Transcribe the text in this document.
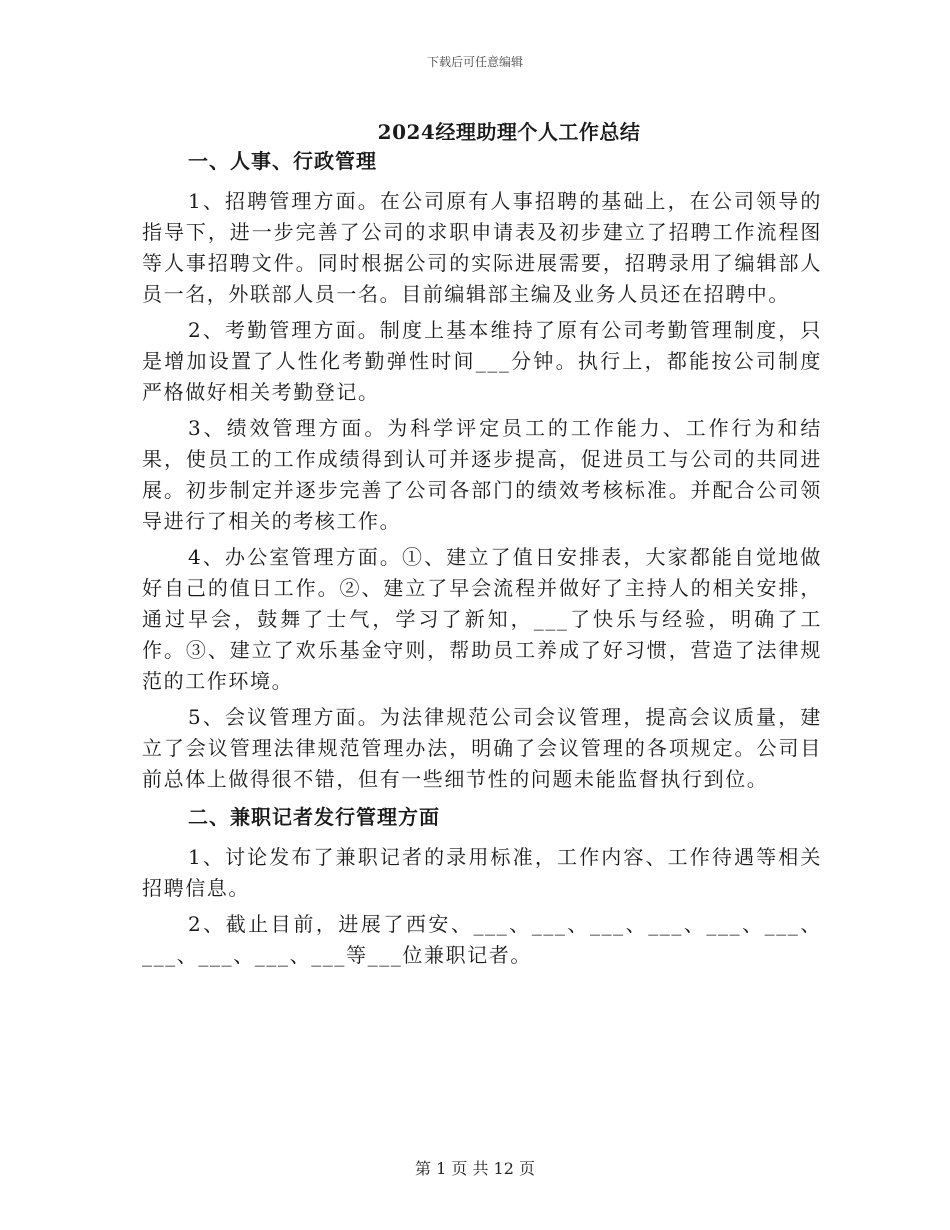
下载后可任意编辑
2024经理助理个人工作总结
一、人事、行政管理

1、招聘管理方面。在公司原有人事招聘的基础上，在公司领导的指导下，进一步完善了公司的求职申请表及初步建立了招聘工作流程图等人事招聘文件。同时根据公司的实际进展需要，招聘录用了编辑部人员一名，外联部人员一名。目前编辑部主编及业务人员还在招聘中。

2、考勤管理方面。制度上基本维持了原有公司考勤管理制度，只是增加设置了人性化考勤弹性时间___分钟。执行上，都能按公司制度严格做好相关考勤登记。

3、绩效管理方面。为科学评定员工的工作能力、工作行为和结果，使员工的工作成绩得到认可并逐步提高，促进员工与公司的共同进展。初步制定并逐步完善了公司各部门的绩效考核标准。并配合公司领导进行了相关的考核工作。

4、办公室管理方面。①、建立了值日安排表，大家都能自觉地做好自己的值日工作。②、建立了早会流程并做好了主持人的相关安排，通过早会，鼓舞了士气，学习了新知，___了快乐与经验，明确了工作。③、建立了欢乐基金守则，帮助员工养成了好习惯，营造了法律规范的工作环境。

5、会议管理方面。为法律规范公司会议管理，提高会议质量，建立了会议管理法律规范管理办法，明确了会议管理的各项规定。公司目前总体上做得很不错，但有一些细节性的问题未能监督执行到位。

二、兼职记者发行管理方面

1、讨论发布了兼职记者的录用标准，工作内容、工作待遇等相关招聘信息。

2、截止目前，进展了西安、___、___、___、___、___、___、___、___、___、___等___位兼职记者。

第 1 页 共 12 页
